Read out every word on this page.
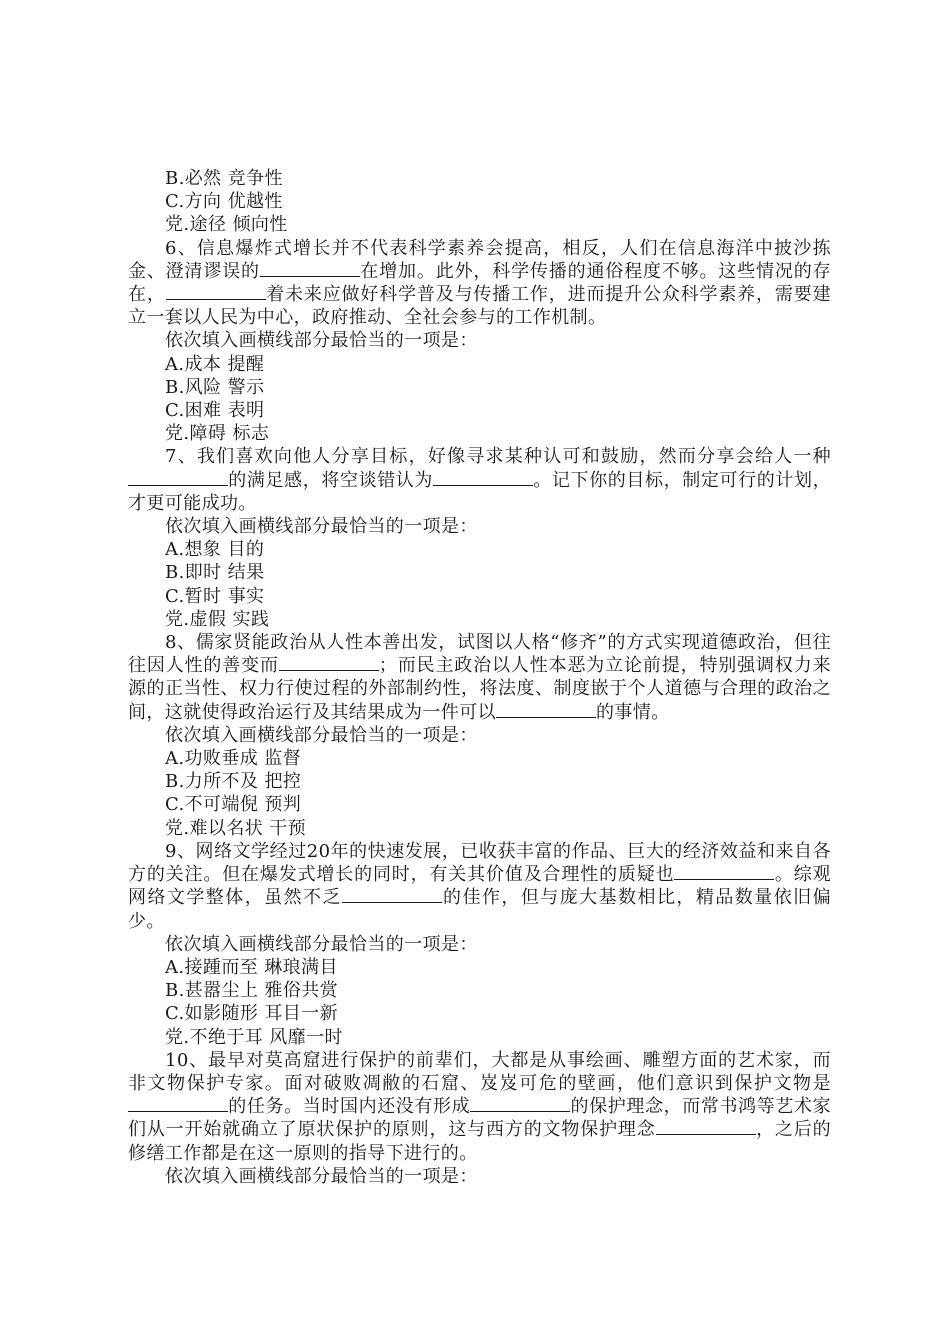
B.必然 竞争性

C.方向 优越性

党.途径 倾向性

6、信息爆炸式增长并不代表科学素养会提高，相反，人们在信息海洋中披沙拣金、澄清谬误的	在增加。此外，科学传播的通俗程度不够。这些情况的存在，	着未来应做好科学普及与传播工作，进而提升公众科学素养，需要建立一套以人民为中心，政府推动、全社会参与的工作机制。

依次填入画横线部分最恰当的一项是：

A.成本 提醒

B.风险 警示

C.困难 表明

党.障碍 标志

7、我们喜欢向他人分享目标，好像寻求某种认可和鼓励，然而分享会给人一种的满足感，将空谈错认为	。记下你的目标，制定可行的计划，才更可能成功。

依次填入画横线部分最恰当的一项是：

A.想象 目的

B.即时 结果

C.暂时 事实

党.虚假 实践

8、儒家贤能政治从人性本善出发，试图以人格“修齐”的方式实现道德政治，但往往因人性的善变而	；而民主政治以人性本恶为立论前提，特别强调权力来源的正当性、权力行使过程的外部制约性，将法度、制度嵌于个人道德与合理的政治之间，这就使得政治运行及其结果成为一件可以	的事情。

依次填入画横线部分最恰当的一项是：

A.功败垂成 监督

B.力所不及 把控

C.不可端倪 预判

党.难以名状 干预

9、网络文学经过20年的快速发展，已收获丰富的作品、巨大的经济效益和来自各方的关注。但在爆发式增长的同时，有关其价值及合理性的质疑也	。综观网络文学整体，虽然不乏	的佳作，但与庞大基数相比，精品数量依旧偏少。

依次填入画横线部分最恰当的一项是：

A.接踵而至 琳琅满目

B.甚嚣尘上 雅俗共赏

C.如影随形 耳目一新

党.不绝于耳 风靡一时

10、最早对莫高窟进行保护的前辈们，大都是从事绘画、雕塑方面的艺术家，而非文物保护专家。面对破败凋敝的石窟、岌岌可危的壁画，他们意识到保护文物是的任务。当时国内还没有形成	的保护理念，而常书鸿等艺术家们从一开始就确立了原状保护的原则，这与西方的文物保护理念	，之后的修缮工作都是在这一原则的指导下进行的。

依次填入画横线部分最恰当的一项是：
